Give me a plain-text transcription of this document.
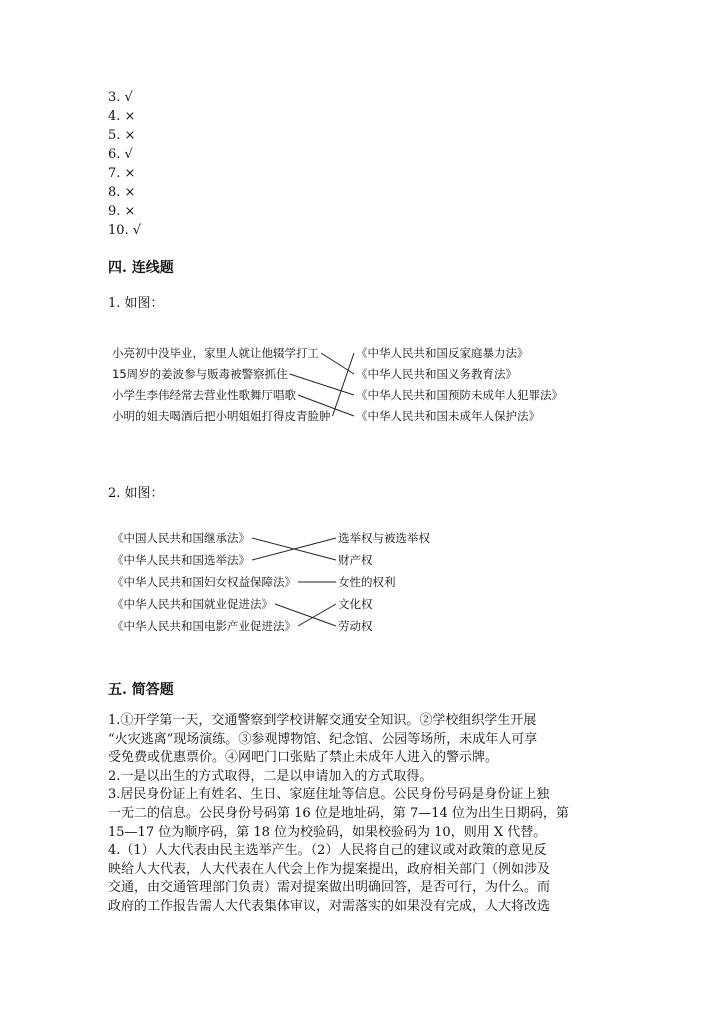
3. √
4. ×
5. ×
6. √
7. ×
8. ×
9. ×
10. √
四. 连线题
1. 如图：
小亮初中没毕业，家里人就让他辍学打工
15周岁的姜波参与贩毒被警察抓住
小学生李伟经常去营业性歌舞厅唱歌
小明的姐夫喝酒后把小明姐姐打得皮青脸肿
《中华人民共和国反家庭暴力法》
《中华人民共和国义务教育法》
《中华人民共和国预防未成年人犯罪法》
《中华人民共和国未成年人保护法》
2. 如图：
《中国人民共和国继承法》
《中华人民共和国选举法》
《中华人民共和国妇女权益保障法》
《中华人民共和国就业促进法》
《中华人民共和国电影产业促进法》
选举权与被选举权
财产权
女性的权利
文化权
劳动权
五. 简答题
1.①开学第一天，交通警察到学校讲解交通安全知识。②学校组织学生开展
“火灾逃离”现场演练。③参观博物馆、纪念馆、公园等场所，未成年人可享
受免费或优惠票价。④网吧门口张贴了禁止未成年人进入的警示牌。
2.一是以出生的方式取得，二是以申请加入的方式取得。
3.居民身份证上有姓名、生日、家庭住址等信息。公民身份号码是身份证上独
一无二的信息。公民身份号码第 16 位是地址码，第 7—14 位为出生日期码，第
15—17 位为顺序码，第 18 位为校验码，如果校验码为 10，则用 X 代替。
4.（1）人大代表由民主选举产生。（2）人民将自己的建议或对政策的意见反
映给人大代表，人大代表在人代会上作为提案提出，政府相关部门（例如涉及
交通，由交通管理部门负责）需对提案做出明确回答，是否可行，为什么。而
政府的工作报告需人大代表集体审议，对需落实的如果没有完成，人大将改选
